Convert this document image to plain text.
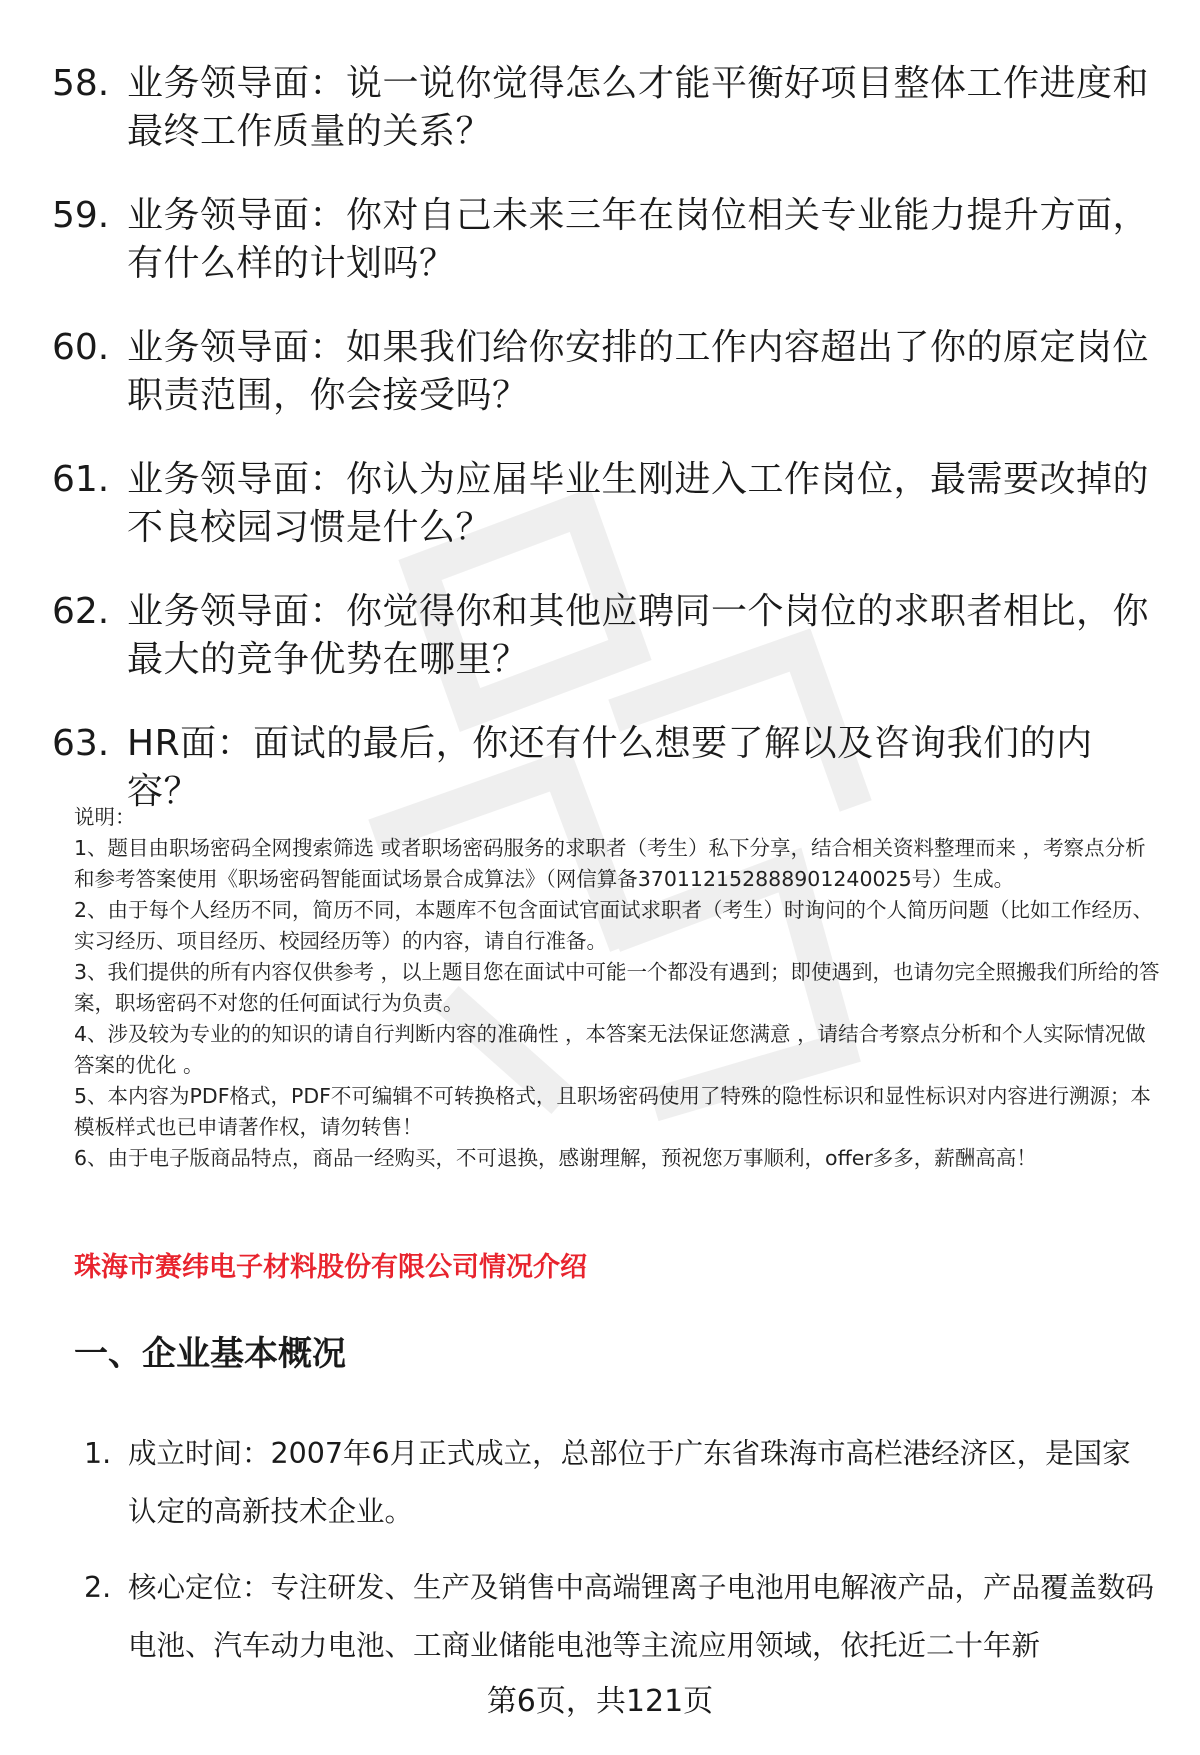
58. 业务领导面：说一说你觉得怎么才能平衡好项目整体工作进度和最终工作质量的关系？
59. 业务领导面：你对自己未来三年在岗位相关专业能力提升方面，有什么样的计划吗？
60. 业务领导面：如果我们给你安排的工作内容超出了你的原定岗位职责范围，你会接受吗？
61. 业务领导面：你认为应届毕业生刚进入工作岗位，最需要改掉的不良校园习惯是什么？
62. 业务领导面：你觉得你和其他应聘同一个岗位的求职者相比，你最大的竞争优势在哪里？
63. HR面：面试的最后，你还有什么想要了解以及咨询我们的内容？

说明：

1、题目由职场密码全网搜索筛选 或者职场密码服务的求职者（考生）私下分享，结合相关资料整理而来 ，考察点分析和参考答案使用《职场密码智能面试场景合成算法》（网信算备370112152888901240025号）生成。

2、由于每个人经历不同，简历不同，本题库不包含面试官面试求职者（考生）时询问的个人简历问题（比如工作经历、实习经历、项目经历、校园经历等）的内容，请自行准备。

3、我们提供的所有内容仅供参考 ，以上题目您在面试中可能一个都没有遇到；即使遇到，也请勿完全照搬我们所给的答案，职场密码不对您的任何面试行为负责。

4、涉及较为专业的的知识的请自行判断内容的准确性 ，本答案无法保证您满意 ，请结合考察点分析和个人实际情况做答案的优化 。

5、本内容为PDF格式，PDF不可编辑不可转换格式，且职场密码使用了特殊的隐性标识和显性标识对内容进行溯源；本模板样式也已申请著作权，请勿转售！

6、由于电子版商品特点，商品一经购买，不可退换，感谢理解，预祝您万事顺利，offer多多，薪酬高高！

珠海市赛纬电子材料股份有限公司情况介绍
一、企业基本概况
1. 成立时间：2007年6月正式成立，总部位于广东省珠海市高栏港经济区，是国家认定的高新技术企业。
2. 核心定位：专注研发、生产及销售中高端锂离子电池用电解液产品，产品覆盖数码电池、汽车动力电池、工商业储能电池等主流应用领域，依托近二十年新
第6页，共121页
